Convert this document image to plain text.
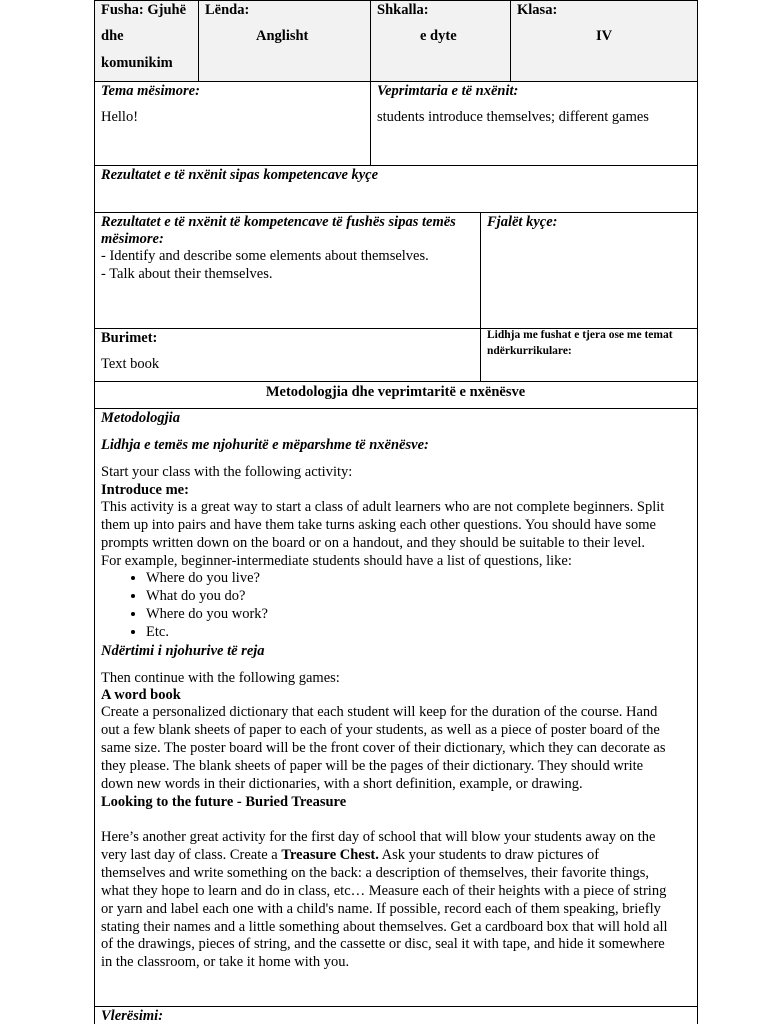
Fusha: Gjuhë
dhe
komunikim
Lënda:
Anglisht
Shkalla:
e dyte
Klasa:
IV
Tema mësimore:
Hello!
Veprimtaria e të nxënit:
students introduce themselves; different games
Rezultatet e të nxënit sipas kompetencave kyçe
Rezultatet e të nxënit të kompetencave të fushës sipas temës
mësimore:
- Identify and describe some elements about themselves.
- Talk about their themselves.
Fjalët kyçe:
Burimet:
Text book
Lidhja me fushat e tjera ose me temat
ndërkurrikulare:
Metodologjia dhe veprimtaritë e nxënësve
Metodologjia
Lidhja e temës me njohuritë e mëparshme të nxënësve:
Start your class with the following activity:
Introduce me:
This activity is a great way to start a class of adult learners who are not complete beginners. Split
them up into pairs and have them take turns asking each other questions. You should have some
prompts written down on the board or on a handout, and they should be suitable to their level.
For example, beginner-intermediate students should have a list of questions, like:
• Where do you live?
• What do you do?
• Where do you work?
• Etc.
Ndërtimi i njohurive të reja
Then continue with the following games:
A word book
Create a personalized dictionary that each student will keep for the duration of the course. Hand
out a few blank sheets of paper to each of your students, as well as a piece of poster board of the
same size. The poster board will be the front cover of their dictionary, which they can decorate as
they please. The blank sheets of paper will be the pages of their dictionary. They should write
down new words in their dictionaries, with a short definition, example, or drawing.
Looking to the future - Buried Treasure
Here’s another great activity for the first day of school that will blow your students away on the
very last day of class. Create a Treasure Chest. Ask your students to draw pictures of
themselves and write something on the back: a description of themselves, their favorite things,
what they hope to learn and do in class, etc… Measure each of their heights with a piece of string
or yarn and label each one with a child's name. If possible, record each of them speaking, briefly
stating their names and a little something about themselves. Get a cardboard box that will hold all
of the drawings, pieces of string, and the cassette or disc, seal it with tape, and hide it somewhere
in the classroom, or take it home with you.
Vlerësimi:
